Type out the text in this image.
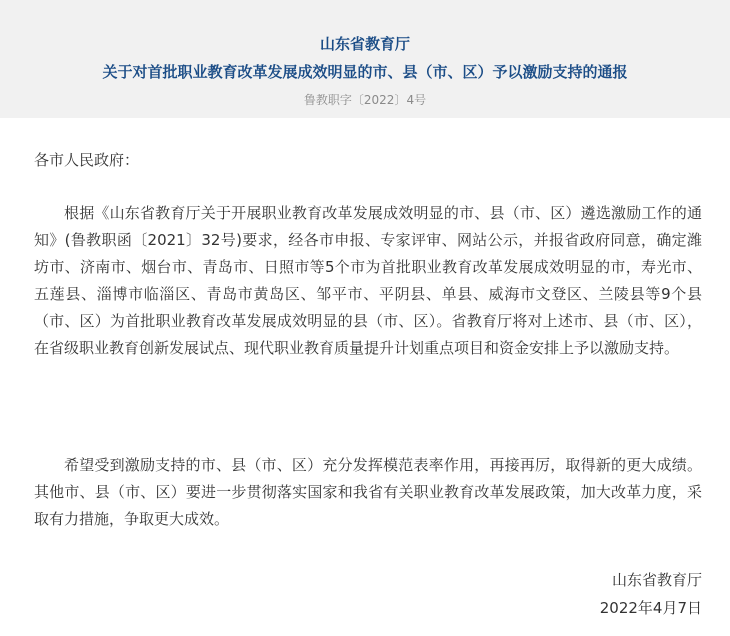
山东省教育厅

关于对首批职业教育改革发展成效明显的市、县（市、区）予以激励支持的通报

鲁教职字〔2022〕4号

各市人民政府：

根据《山东省教育厅关于开展职业教育改革发展成效明显的市、县（市、区）遴选激励工作的通知》(鲁教职函〔2021〕32号)要求，经各市申报、专家评审、网站公示，并报省政府同意，确定潍坊市、济南市、烟台市、青岛市、日照市等5个市为首批职业教育改革发展成效明显的市，寿光市、五莲县、淄博市临淄区、青岛市黄岛区、邹平市、平阴县、单县、威海市文登区、兰陵县等9个县（市、区）为首批职业教育改革发展成效明显的县（市、区）。省教育厅将对上述市、县（市、区），在省级职业教育创新发展试点、现代职业教育质量提升计划重点项目和资金安排上予以激励支持。

希望受到激励支持的市、县（市、区）充分发挥模范表率作用，再接再厉，取得新的更大成绩。其他市、县（市、区）要进一步贯彻落实国家和我省有关职业教育改革发展政策，加大改革力度，采取有力措施，争取更大成效。

山东省教育厅

2022年4月7日
